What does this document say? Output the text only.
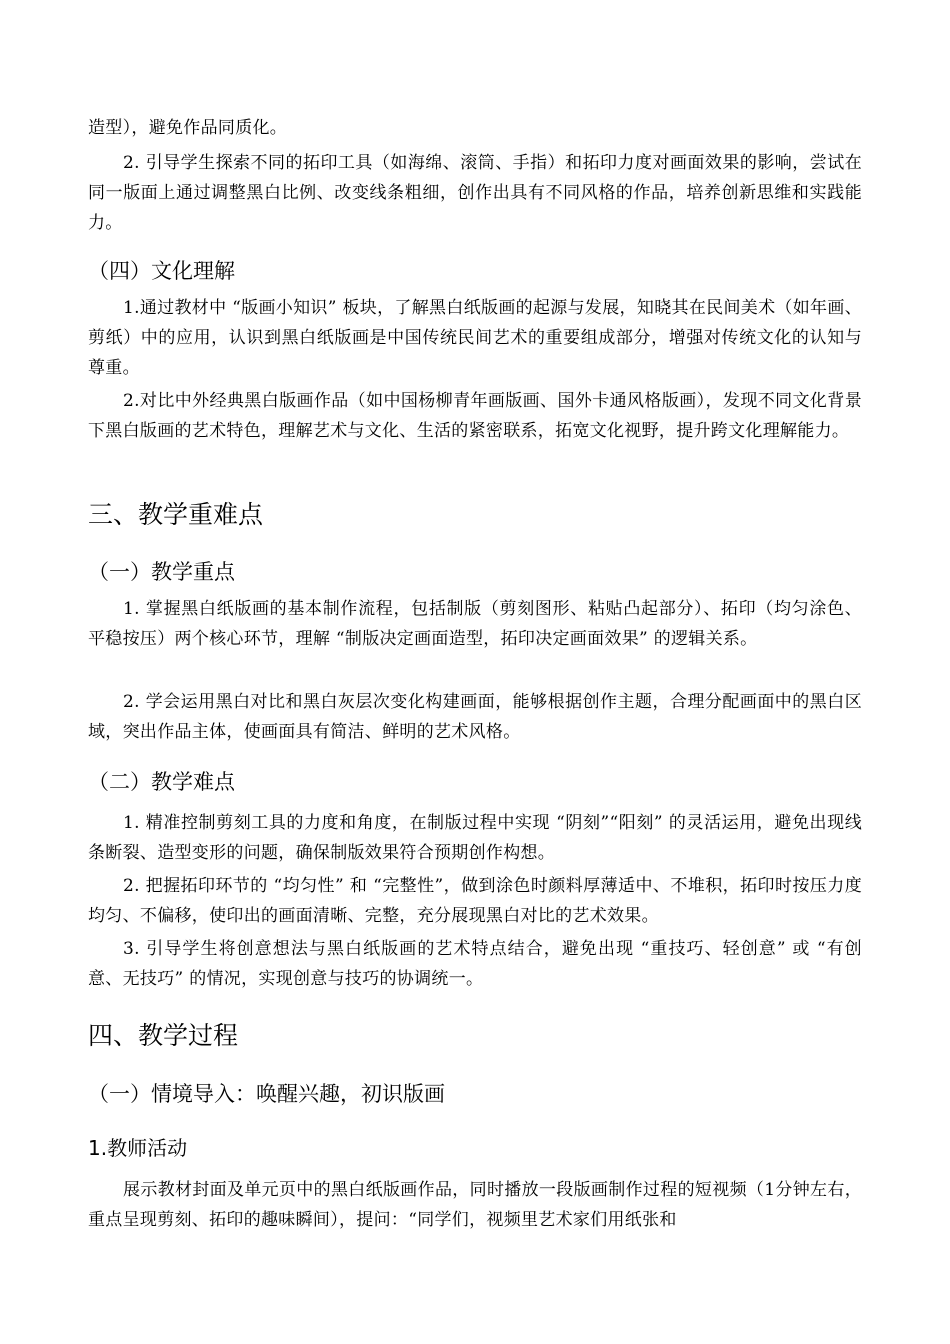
造型），避免作品同质化。

2. 引导学生探索不同的拓印工具（如海绵、滚筒、手指）和拓印力度对画面效果的影响，尝试在同一版面上通过调整黑白比例、改变线条粗细，创作出具有不同风格的作品，培养创新思维和实践能力。

（四）文化理解

1.通过教材中 “版画小知识” 板块，了解黑白纸版画的起源与发展，知晓其在民间美术（如年画、剪纸）中的应用，认识到黑白纸版画是中国传统民间艺术的重要组成部分，增强对传统文化的认知与尊重。

2.对比中外经典黑白版画作品（如中国杨柳青年画版画、国外卡通风格版画），发现不同文化背景下黑白版画的艺术特色，理解艺术与文化、生活的紧密联系，拓宽文化视野，提升跨文化理解能力。

三、教学重难点
（一）教学重点

1. 掌握黑白纸版画的基本制作流程，包括制版（剪刻图形、粘贴凸起部分）、拓印（均匀涂色、平稳按压）两个核心环节，理解 “制版决定画面造型，拓印决定画面效果” 的逻辑关系。

2. 学会运用黑白对比和黑白灰层次变化构建画面，能够根据创作主题，合理分配画面中的黑白区域，突出作品主体，使画面具有简洁、鲜明的艺术风格。

（二）教学难点

1. 精准控制剪刻工具的力度和角度，在制版过程中实现 “阴刻”“阳刻” 的灵活运用，避免出现线条断裂、造型变形的问题，确保制版效果符合预期创作构想。

2. 把握拓印环节的 “均匀性” 和 “完整性”，做到涂色时颜料厚薄适中、不堆积，拓印时按压力度均匀、不偏移，使印出的画面清晰、完整，充分展现黑白对比的艺术效果。

3. 引导学生将创意想法与黑白纸版画的艺术特点结合，避免出现 “重技巧、轻创意” 或 “有创意、无技巧” 的情况，实现创意与技巧的协调统一。

四、教学过程
（一）情境导入：唤醒兴趣，初识版画
1.教师活动

展示教材封面及单元页中的黑白纸版画作品，同时播放一段版画制作过程的短视频（1分钟左右，重点呈现剪刻、拓印的趣味瞬间），提问：“同学们，视频里艺术家们用纸张和
